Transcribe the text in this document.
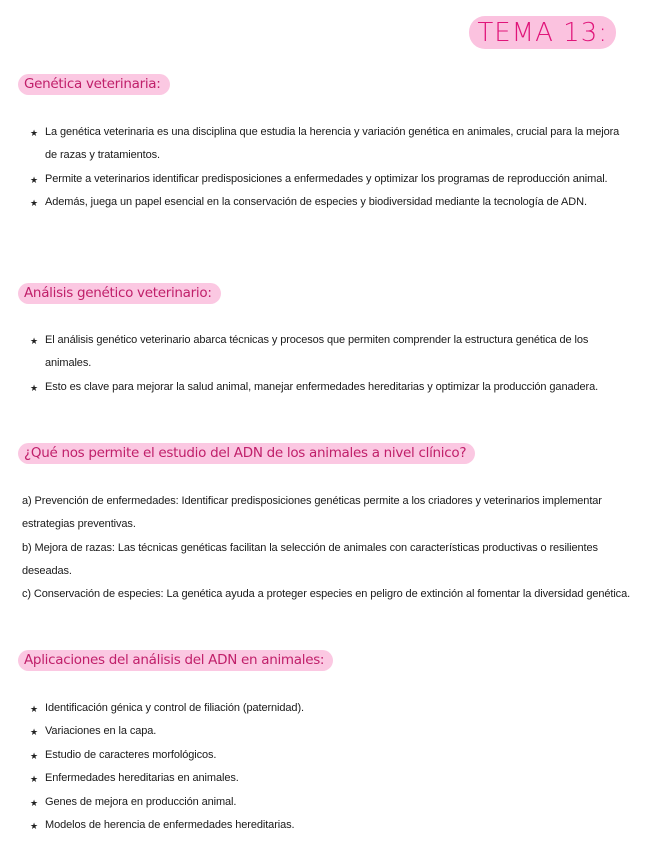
TEMA 13:
Genética veterinaria:
★ La genética veterinaria es una disciplina que estudia la herencia y variación genética en animales, crucial para la mejora de razas y tratamientos.
★ Permite a veterinarios identificar predisposiciones a enfermedades y optimizar los programas de reproducción animal.
★ Además, juega un papel esencial en la conservación de especies y biodiversidad mediante la tecnología de ADN.
Análisis genético veterinario:
★ El análisis genético veterinario abarca técnicas y procesos que permiten comprender la estructura genética de los animales.
★ Esto es clave para mejorar la salud animal, manejar enfermedades hereditarias y optimizar la producción ganadera.
¿Qué nos permite el estudio del ADN de los animales a nivel clínico?

a) Prevención de enfermedades: Identificar predisposiciones genéticas permite a los criadores y veterinarios implementar estrategias preventivas.

b) Mejora de razas: Las técnicas genéticas facilitan la selección de animales con características productivas o resilientes deseadas.

c) Conservación de especies: La genética ayuda a proteger especies en peligro de extinción al fomentar la diversidad genética.

Aplicaciones del análisis del ADN en animales:
★ Identificación génica y control de filiación (paternidad).
★ Variaciones en la capa.
★ Estudio de caracteres morfológicos.
★ Enfermedades hereditarias en animales.
★ Genes de mejora en producción animal.
★ Modelos de herencia de enfermedades hereditarias.
